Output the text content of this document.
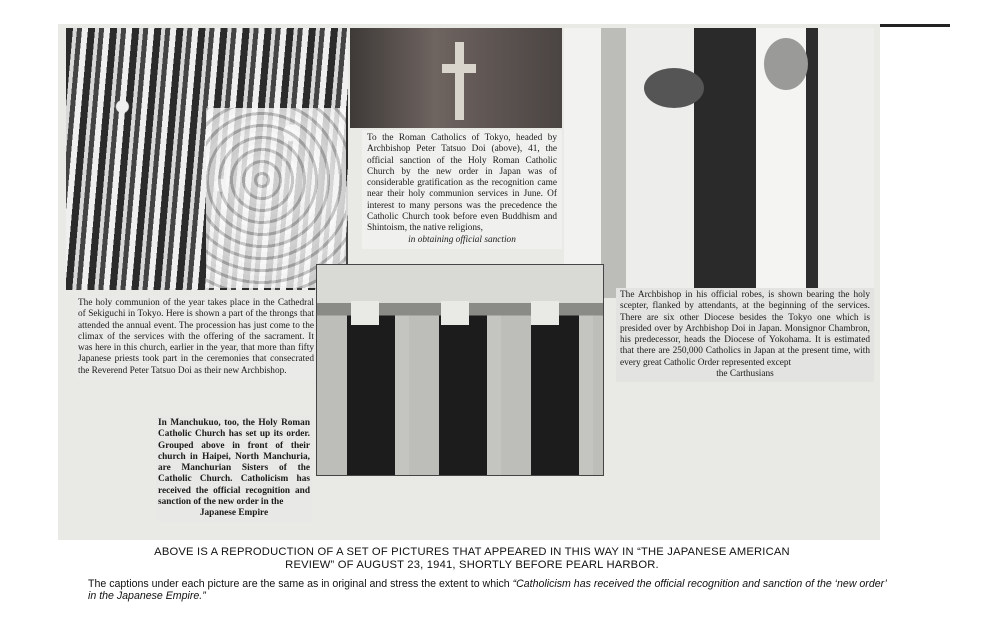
To the Roman Catholics of Tokyo, headed by Archbishop Peter Tatsuo Doi (above), 41, the official sanction of the Holy Roman Catholic Church by the new order in Japan was of considerable gratification as the recognition came near their holy communion services in June. Of interest to many persons was the precedence the Catholic Church took before even Buddhism and Shintoism, the native religions,
in obtaining official sanction
The holy communion of the year takes place in the Cathedral of Sekiguchi in Tokyo. Here is shown a part of the throngs that attended the annual event. The procession has just come to the climax of the services with the offering of the sacrament. It was here in this church, earlier in the year, that more than fifty Japanese priests took part in the ceremonies that consecrated the Reverend Peter Tatsuo Doi as their new Archbishop.
The Archbishop in his official robes, is shown bearing the holy scepter, flanked by attendants, at the beginning of the services. There are six other Diocese besides the Tokyo one which is presided over by Archbishop Doi in Japan. Monsignor Chambron, his predecessor, heads the Diocese of Yokohama. It is estimated that there are 250,000 Catholics in Japan at the present time, with every great Catholic Order represented except
the Carthusians
In Manchukuo, too, the Holy Roman Catholic Church has set up its order. Grouped above in front of their church in Haipei, North Manchuria, are Manchurian Sisters of the Catholic Church. Catholicism has received the official recognition and sanction of the new order in the
Japanese Empire
ABOVE IS A REPRODUCTION OF A SET OF PICTURES THAT APPEARED IN THIS WAY IN “THE JAPANESE AMERICAN
REVIEW” OF AUGUST 23, 1941, SHORTLY BEFORE PEARL HARBOR.
The captions under each picture are the same as in original and stress the extent to which “Catholicism has received the official recognition and sanction of the ‘new order’ in the Japanese Empire.”
